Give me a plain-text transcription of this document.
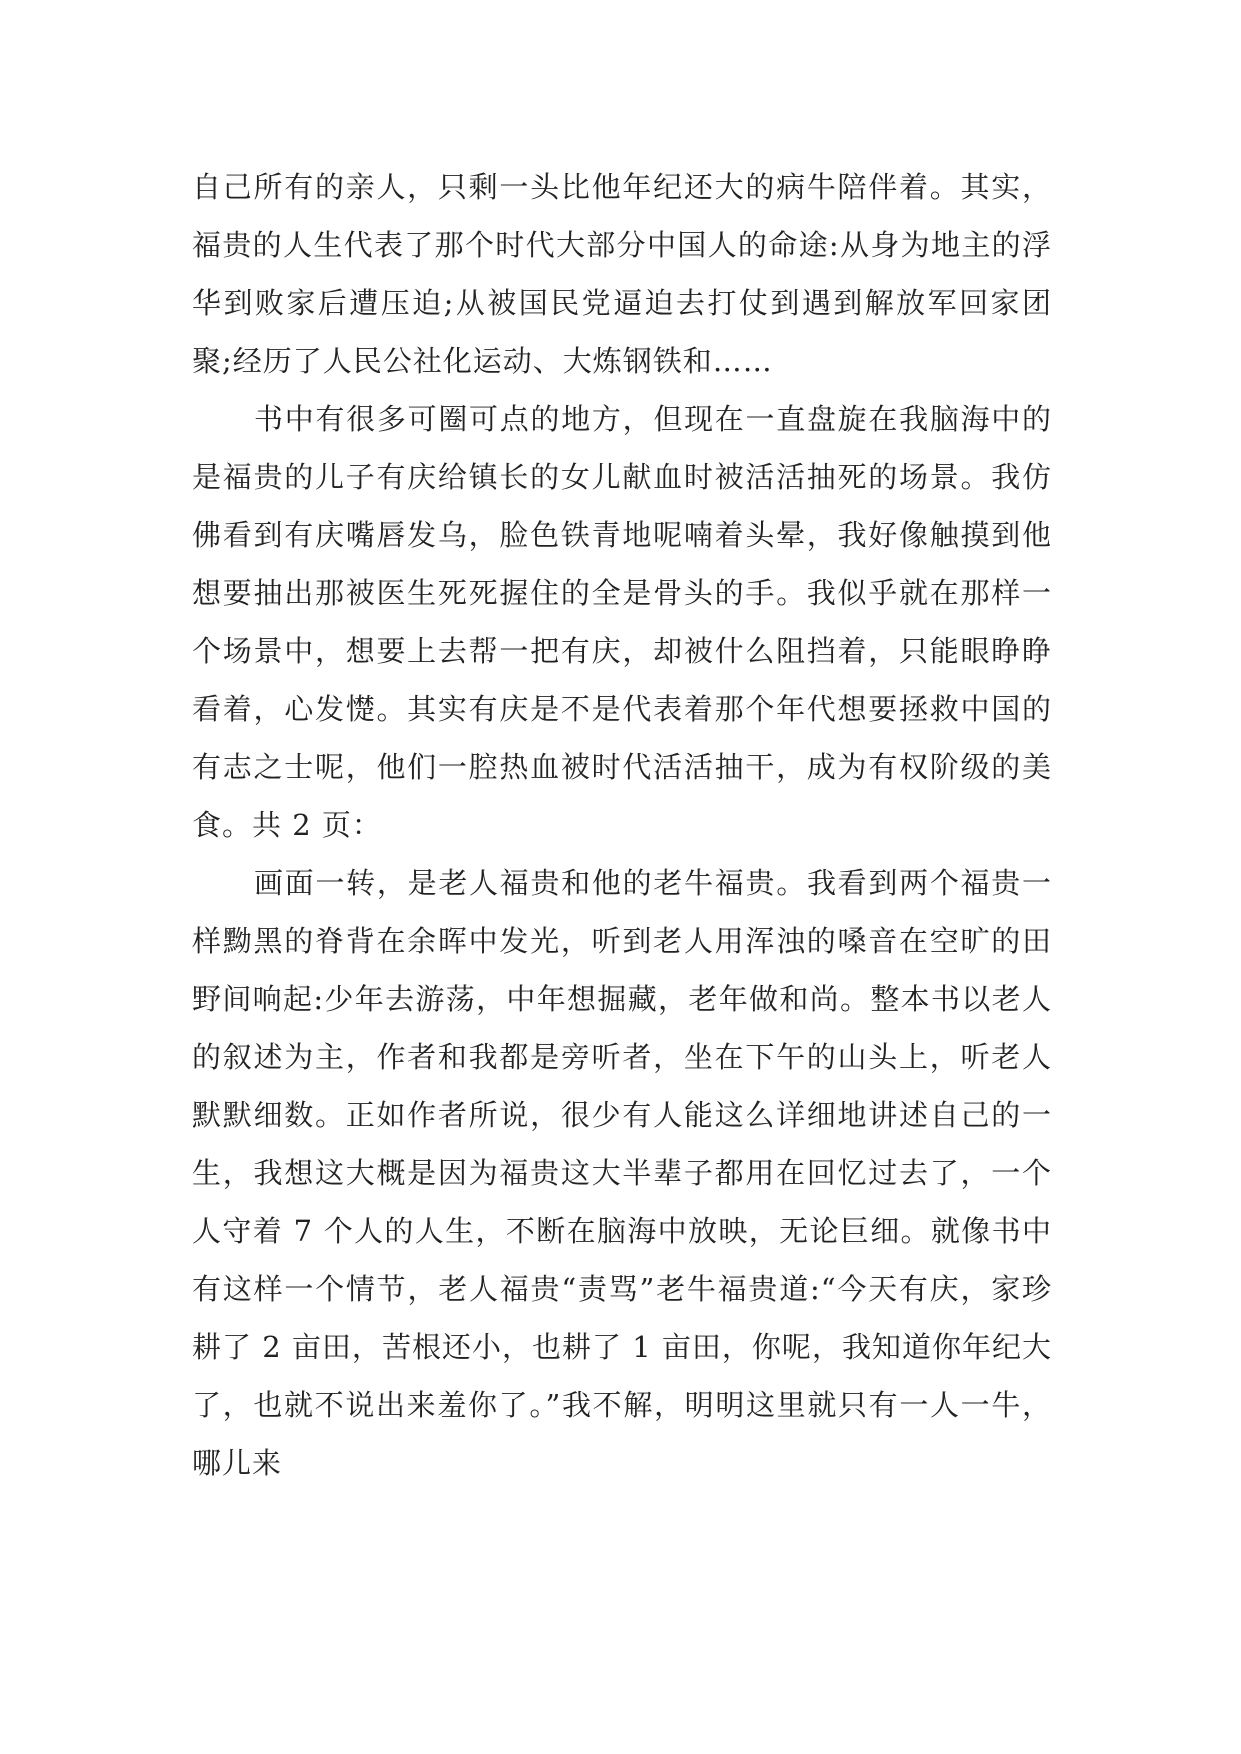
自己所有的亲人，只剩一头比他年纪还大的病牛陪伴着。其实，福贵的人生代表了那个时代大部分中国人的命途:从身为地主的浮华到败家后遭压迫;从被国民党逼迫去打仗到遇到解放军回家团聚;经历了人民公社化运动、大炼钢铁和……

书中有很多可圈可点的地方，但现在一直盘旋在我脑海中的是福贵的儿子有庆给镇长的女儿献血时被活活抽死的场景。我仿佛看到有庆嘴唇发乌，脸色铁青地呢喃着头晕，我好像触摸到他想要抽出那被医生死死握住的全是骨头的手。我似乎就在那样一个场景中，想要上去帮一把有庆，却被什么阻挡着，只能眼睁睁看着，心发憷。其实有庆是不是代表着那个年代想要拯救中国的有志之士呢，他们一腔热血被时代活活抽干，成为有权阶级的美食。共 2 页：

画面一转，是老人福贵和他的老牛福贵。我看到两个福贵一样黝黑的脊背在余晖中发光，听到老人用浑浊的嗓音在空旷的田野间响起:少年去游荡，中年想掘藏，老年做和尚。整本书以老人的叙述为主，作者和我都是旁听者，坐在下午的山头上，听老人默默细数。正如作者所说，很少有人能这么详细地讲述自己的一生，我想这大概是因为福贵这大半辈子都用在回忆过去了，一个人守着 7 个人的人生，不断在脑海中放映，无论巨细。就像书中有这样一个情节，老人福贵“责骂”老牛福贵道:“今天有庆，家珍耕了 2 亩田，苦根还小，也耕了 1 亩田，你呢，我知道你年纪大了，也就不说出来羞你了。”我不解，明明这里就只有一人一牛，哪儿来
